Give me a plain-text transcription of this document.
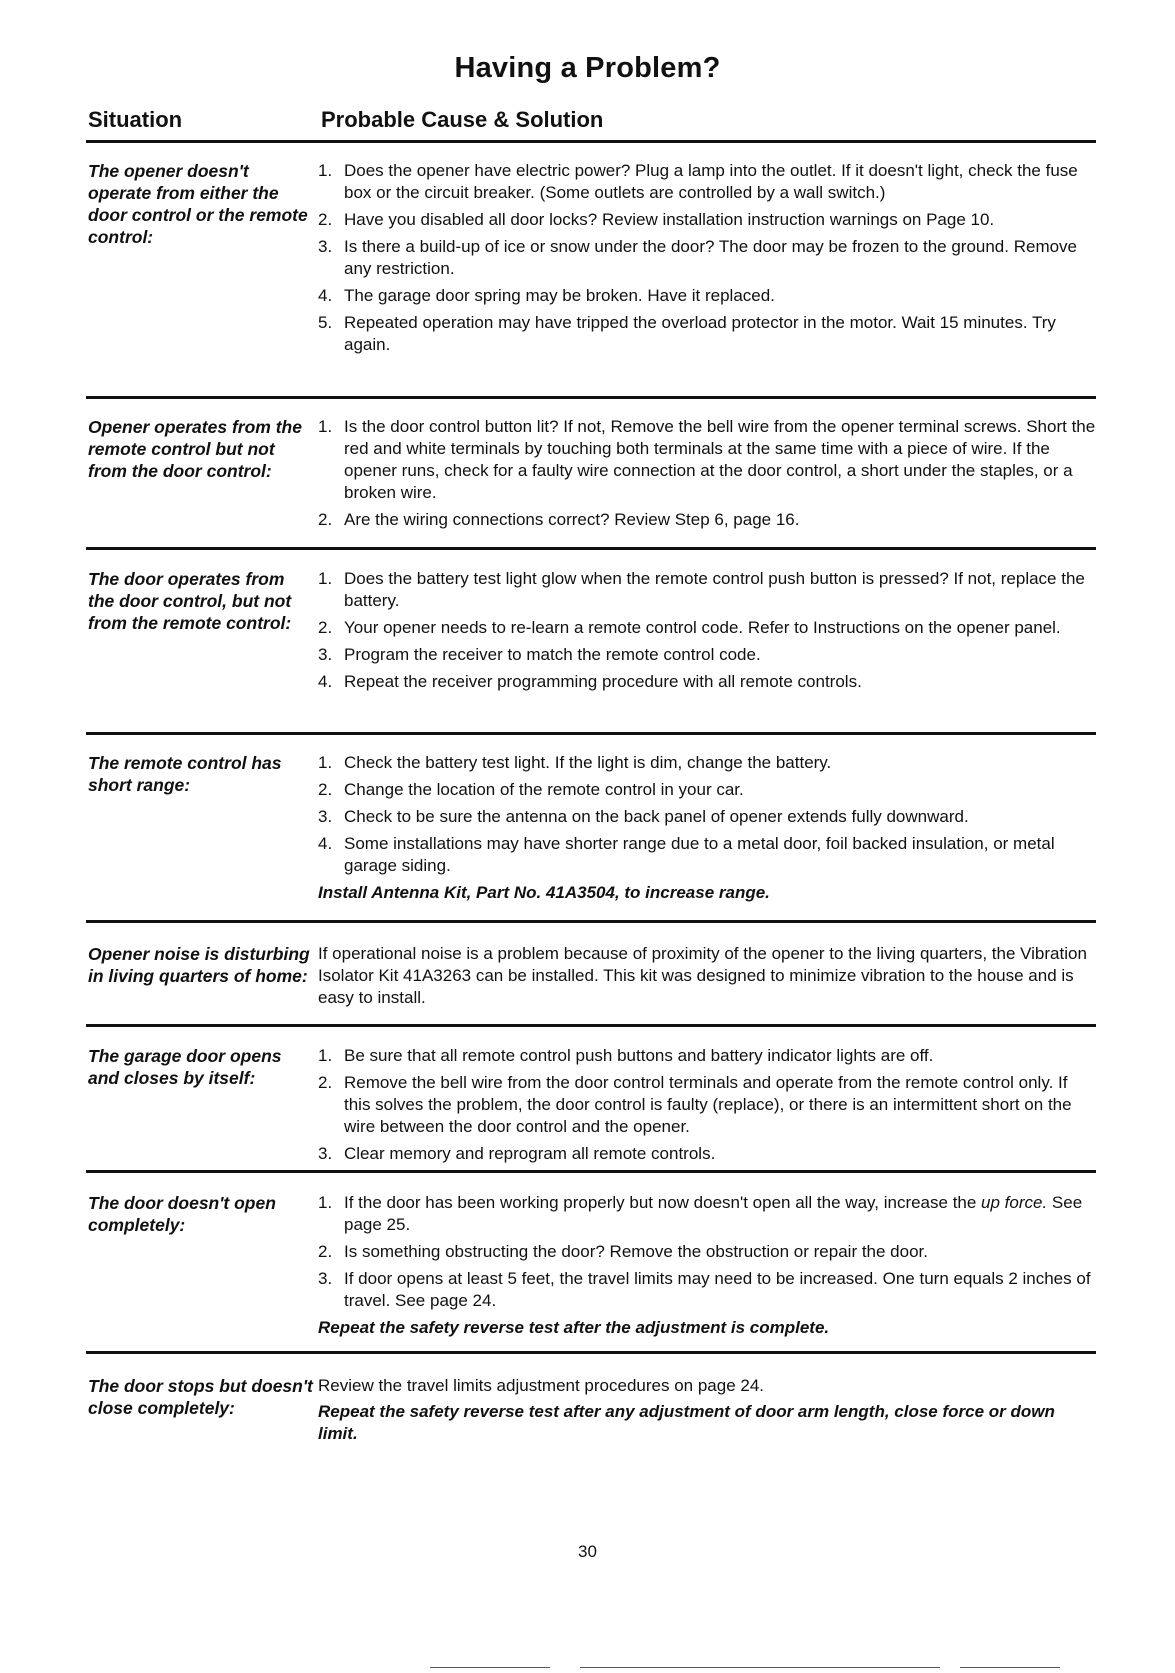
Having a Problem?
Situation	Probable Cause & Solution
The opener doesn't operate from either the door control or the remote control:
1. Does the opener have electric power? Plug a lamp into the outlet. If it doesn't light, check the fuse box or the circuit breaker. (Some outlets are controlled by a wall switch.)
2. Have you disabled all door locks? Review installation instruction warnings on Page 10.
3. Is there a build-up of ice or snow under the door? The door may be frozen to the ground. Remove any restriction.
4. The garage door spring may be broken. Have it replaced.
5. Repeated operation may have tripped the overload protector in the motor. Wait 15 minutes. Try again.
Opener operates from the remote control but not from the door control:
1. Is the door control button lit? If not, Remove the bell wire from the opener terminal screws. Short the red and white terminals by touching both terminals at the same time with a piece of wire. If the opener runs, check for a faulty wire connection at the door control, a short under the staples, or a broken wire.
2. Are the wiring connections correct? Review Step 6, page 16.
The door operates from the door control, but not from the remote control:
1. Does the battery test light glow when the remote control push button is pressed? If not, replace the battery.
2. Your opener needs to re-learn a remote control code. Refer to Instructions on the opener panel.
3. Program the receiver to match the remote control code.
4. Repeat the receiver programming procedure with all remote controls.
The remote control has short range:
1. Check the battery test light. If the light is dim, change the battery.
2. Change the location of the remote control in your car.
3. Check to be sure the antenna on the back panel of opener extends fully downward.
4. Some installations may have shorter range due to a metal door, foil backed insulation, or metal garage siding.
Install Antenna Kit, Part No. 41A3504, to increase range.
Opener noise is disturbing in living quarters of home:

If operational noise is a problem because of proximity of the opener to the living quarters, the Vibration Isolator Kit 41A3263 can be installed. This kit was designed to minimize vibration to the house and is easy to install.

The garage door opens and closes by itself:
1. Be sure that all remote control push buttons and battery indicator lights are off.
2. Remove the bell wire from the door control terminals and operate from the remote control only. If this solves the problem, the door control is faulty (replace), or there is an intermittent short on the wire between the door control and the opener.
3. Clear memory and reprogram all remote controls.
The door doesn't open completely:
1. If the door has been working properly but now doesn't open all the way, increase the up force. See page 25.
2. Is something obstructing the door? Remove the obstruction or repair the door.
3. If door opens at least 5 feet, the travel limits may need to be increased. One turn equals 2 inches of travel. See page 24.
Repeat the safety reverse test after the adjustment is complete.
The door stops but doesn't close completely:

Review the travel limits adjustment procedures on page 24.

Repeat the safety reverse test after any adjustment of door arm length, close force or down limit.
30
